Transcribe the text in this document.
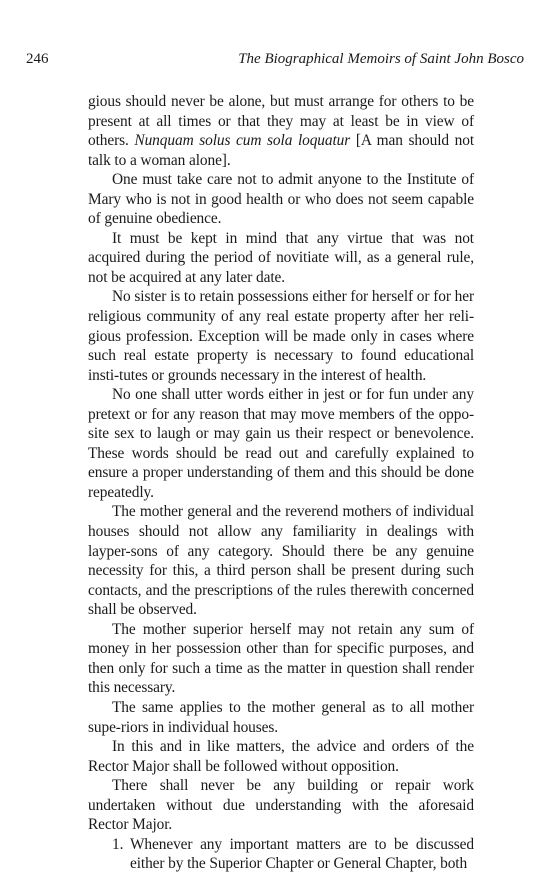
246	The Biographical Memoirs of Saint John Bosco

gious should never be alone, but must arrange for others to be present at all times or that they may at least be in view of others. Nunquam solus cum sola loquatur [A man should not talk to a woman alone].

One must take care not to admit anyone to the Institute of Mary who is not in good health or who does not seem capable of genuine obedience.

It must be kept in mind that any virtue that was not acquired during the period of novitiate will, as a general rule, not be acquired at any later date.

No sister is to retain possessions either for herself or for her religious community of any real estate property after her reli-gious profession. Exception will be made only in cases where such real estate property is necessary to found educational insti-tutes or grounds necessary in the interest of health.

No one shall utter words either in jest or for fun under any pretext or for any reason that may move members of the oppo-site sex to laugh or may gain us their respect or benevolence. These words should be read out and carefully explained to ensure a proper understanding of them and this should be done repeatedly.

The mother general and the reverend mothers of individual houses should not allow any familiarity in dealings with layper-sons of any category. Should there be any genuine necessity for this, a third person shall be present during such contacts, and the prescriptions of the rules therewith concerned shall be observed.

The mother superior herself may not retain any sum of money in her possession other than for specific purposes, and then only for such a time as the matter in question shall render this necessary.

The same applies to the mother general as to all mother supe-riors in individual houses.

In this and in like matters, the advice and orders of the Rector Major shall be followed without opposition.

There shall never be any building or repair work undertaken without due understanding with the aforesaid Rector Major.

1. Whenever any important matters are to be discussed either by the Superior Chapter or General Chapter, both
